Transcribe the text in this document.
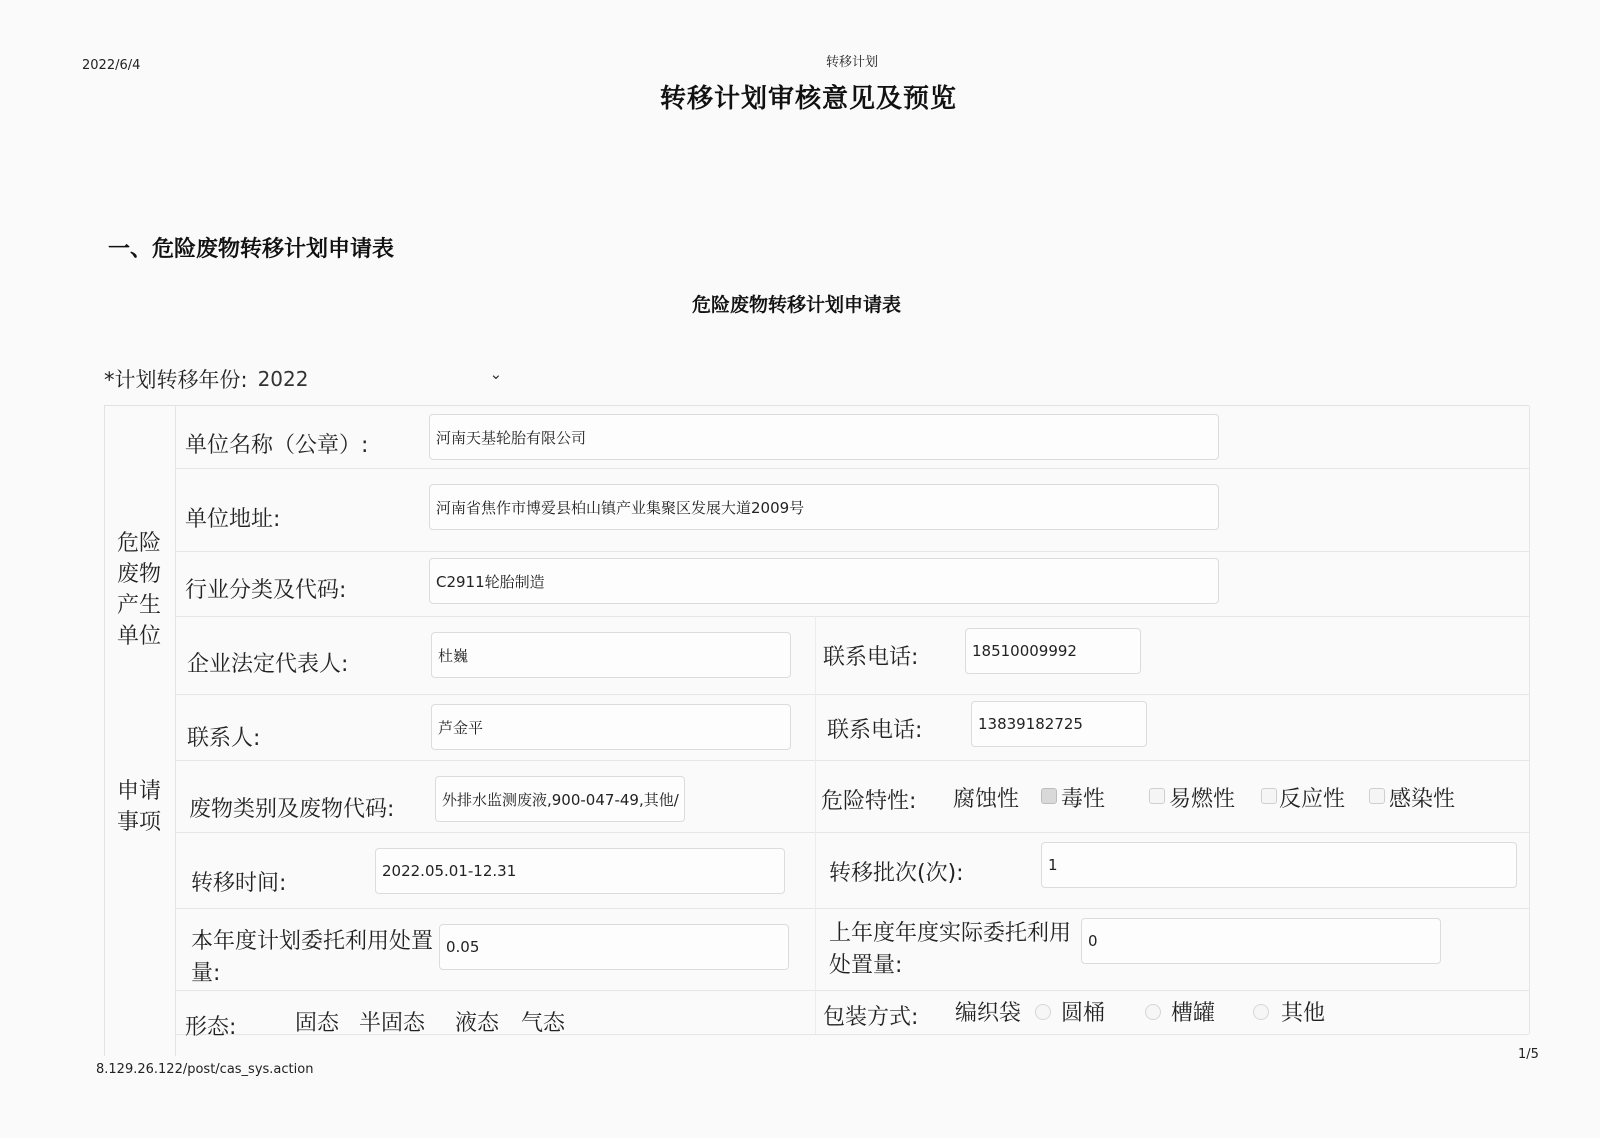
2022/6/4	转移计划
转移计划审核意见及预览
一、危险废物转移计划申请表
危险废物转移计划申请表
*计划转移年份: 2022	⌄
危险废物产生单位
申请事项
单位名称（公章）:	河南天基轮胎有限公司
单位地址:	河南省焦作市博爱县柏山镇产业集聚区发展大道2009号
行业分类及代码:	C2911轮胎制造
企业法定代表人:	杜巍	联系电话:	18510009992
联系人:	芦金平	联系电话:	13839182725
废物类别及废物代码:	外排水监测废液,900-047-49,其他/	危险特性: 腐蚀性 毒性	易燃性 反应性 感染性
转移时间:	2022.05.01-12.31	转移批次(次):	1
本年度计划委托利用处置量:
0.05
上年度年度实际委托利用处置量:
0
形态:	固态 半固态 液态 气态	包装方式: 编织袋 圆桶	槽罐	其他
8.129.26.122/post/cas_sys.action
1/5
